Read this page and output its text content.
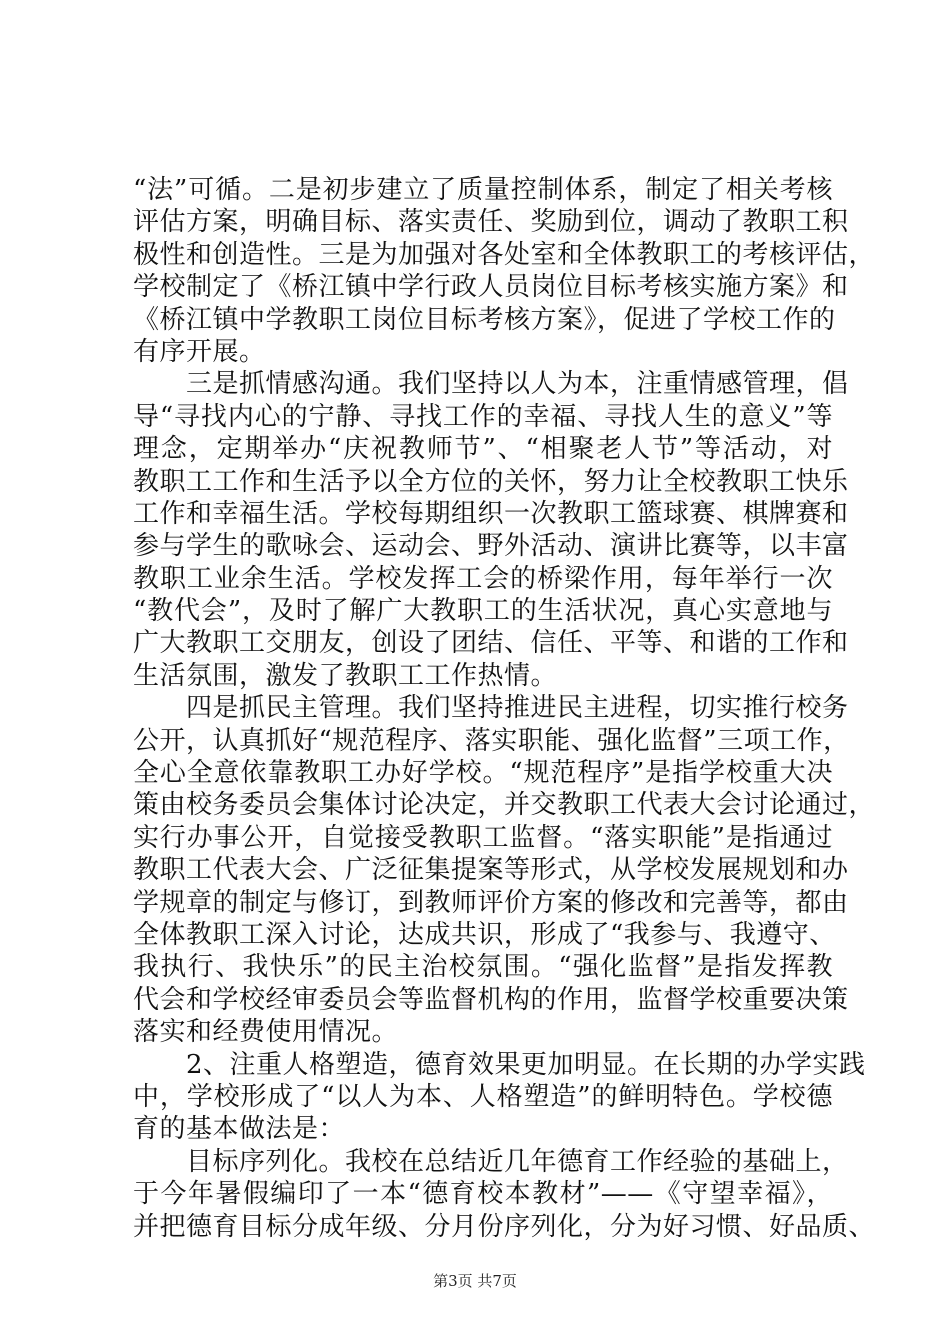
“法”可循。二是初步建立了质量控制体系，制定了相关考核
评估方案，明确目标、落实责任、奖励到位，调动了教职工积
极性和创造性。三是为加强对各处室和全体教职工的考核评估，
学校制定了《桥江镇中学行政人员岗位目标考核实施方案》和
《桥江镇中学教职工岗位目标考核方案》，促进了学校工作的
有序开展。
　　三是抓情感沟通。我们坚持以人为本，注重情感管理，倡
导“寻找内心的宁静、寻找工作的幸福、寻找人生的意义”等
理念，定期举办“庆祝教师节”、“相聚老人节”等活动，对
教职工工作和生活予以全方位的关怀，努力让全校教职工快乐
工作和幸福生活。学校每期组织一次教职工篮球赛、棋牌赛和
参与学生的歌咏会、运动会、野外活动、演讲比赛等，以丰富
教职工业余生活。学校发挥工会的桥梁作用，每年举行一次
“教代会”，及时了解广大教职工的生活状况，真心实意地与
广大教职工交朋友，创设了团结、信任、平等、和谐的工作和
生活氛围，激发了教职工工作热情。
　　四是抓民主管理。我们坚持推进民主进程，切实推行校务
公开，认真抓好“规范程序、落实职能、强化监督”三项工作，
全心全意依靠教职工办好学校。“规范程序”是指学校重大决
策由校务委员会集体讨论决定，并交教职工代表大会讨论通过，
实行办事公开，自觉接受教职工监督。“落实职能”是指通过
教职工代表大会、广泛征集提案等形式，从学校发展规划和办
学规章的制定与修订，到教师评价方案的修改和完善等，都由
全体教职工深入讨论，达成共识，形成了“我参与、我遵守、
我执行、我快乐”的民主治校氛围。“强化监督”是指发挥教
代会和学校经审委员会等监督机构的作用，监督学校重要决策
落实和经费使用情况。
　　2、注重人格塑造，德育效果更加明显。在长期的办学实践
中，学校形成了“以人为本、人格塑造”的鲜明特色。学校德
育的基本做法是：
　　目标序列化。我校在总结近几年德育工作经验的基础上，
于今年暑假编印了一本“德育校本教材”——《守望幸福》，
并把德育目标分成年级、分月份序列化，分为好习惯、好品质、
第3页 共7页
